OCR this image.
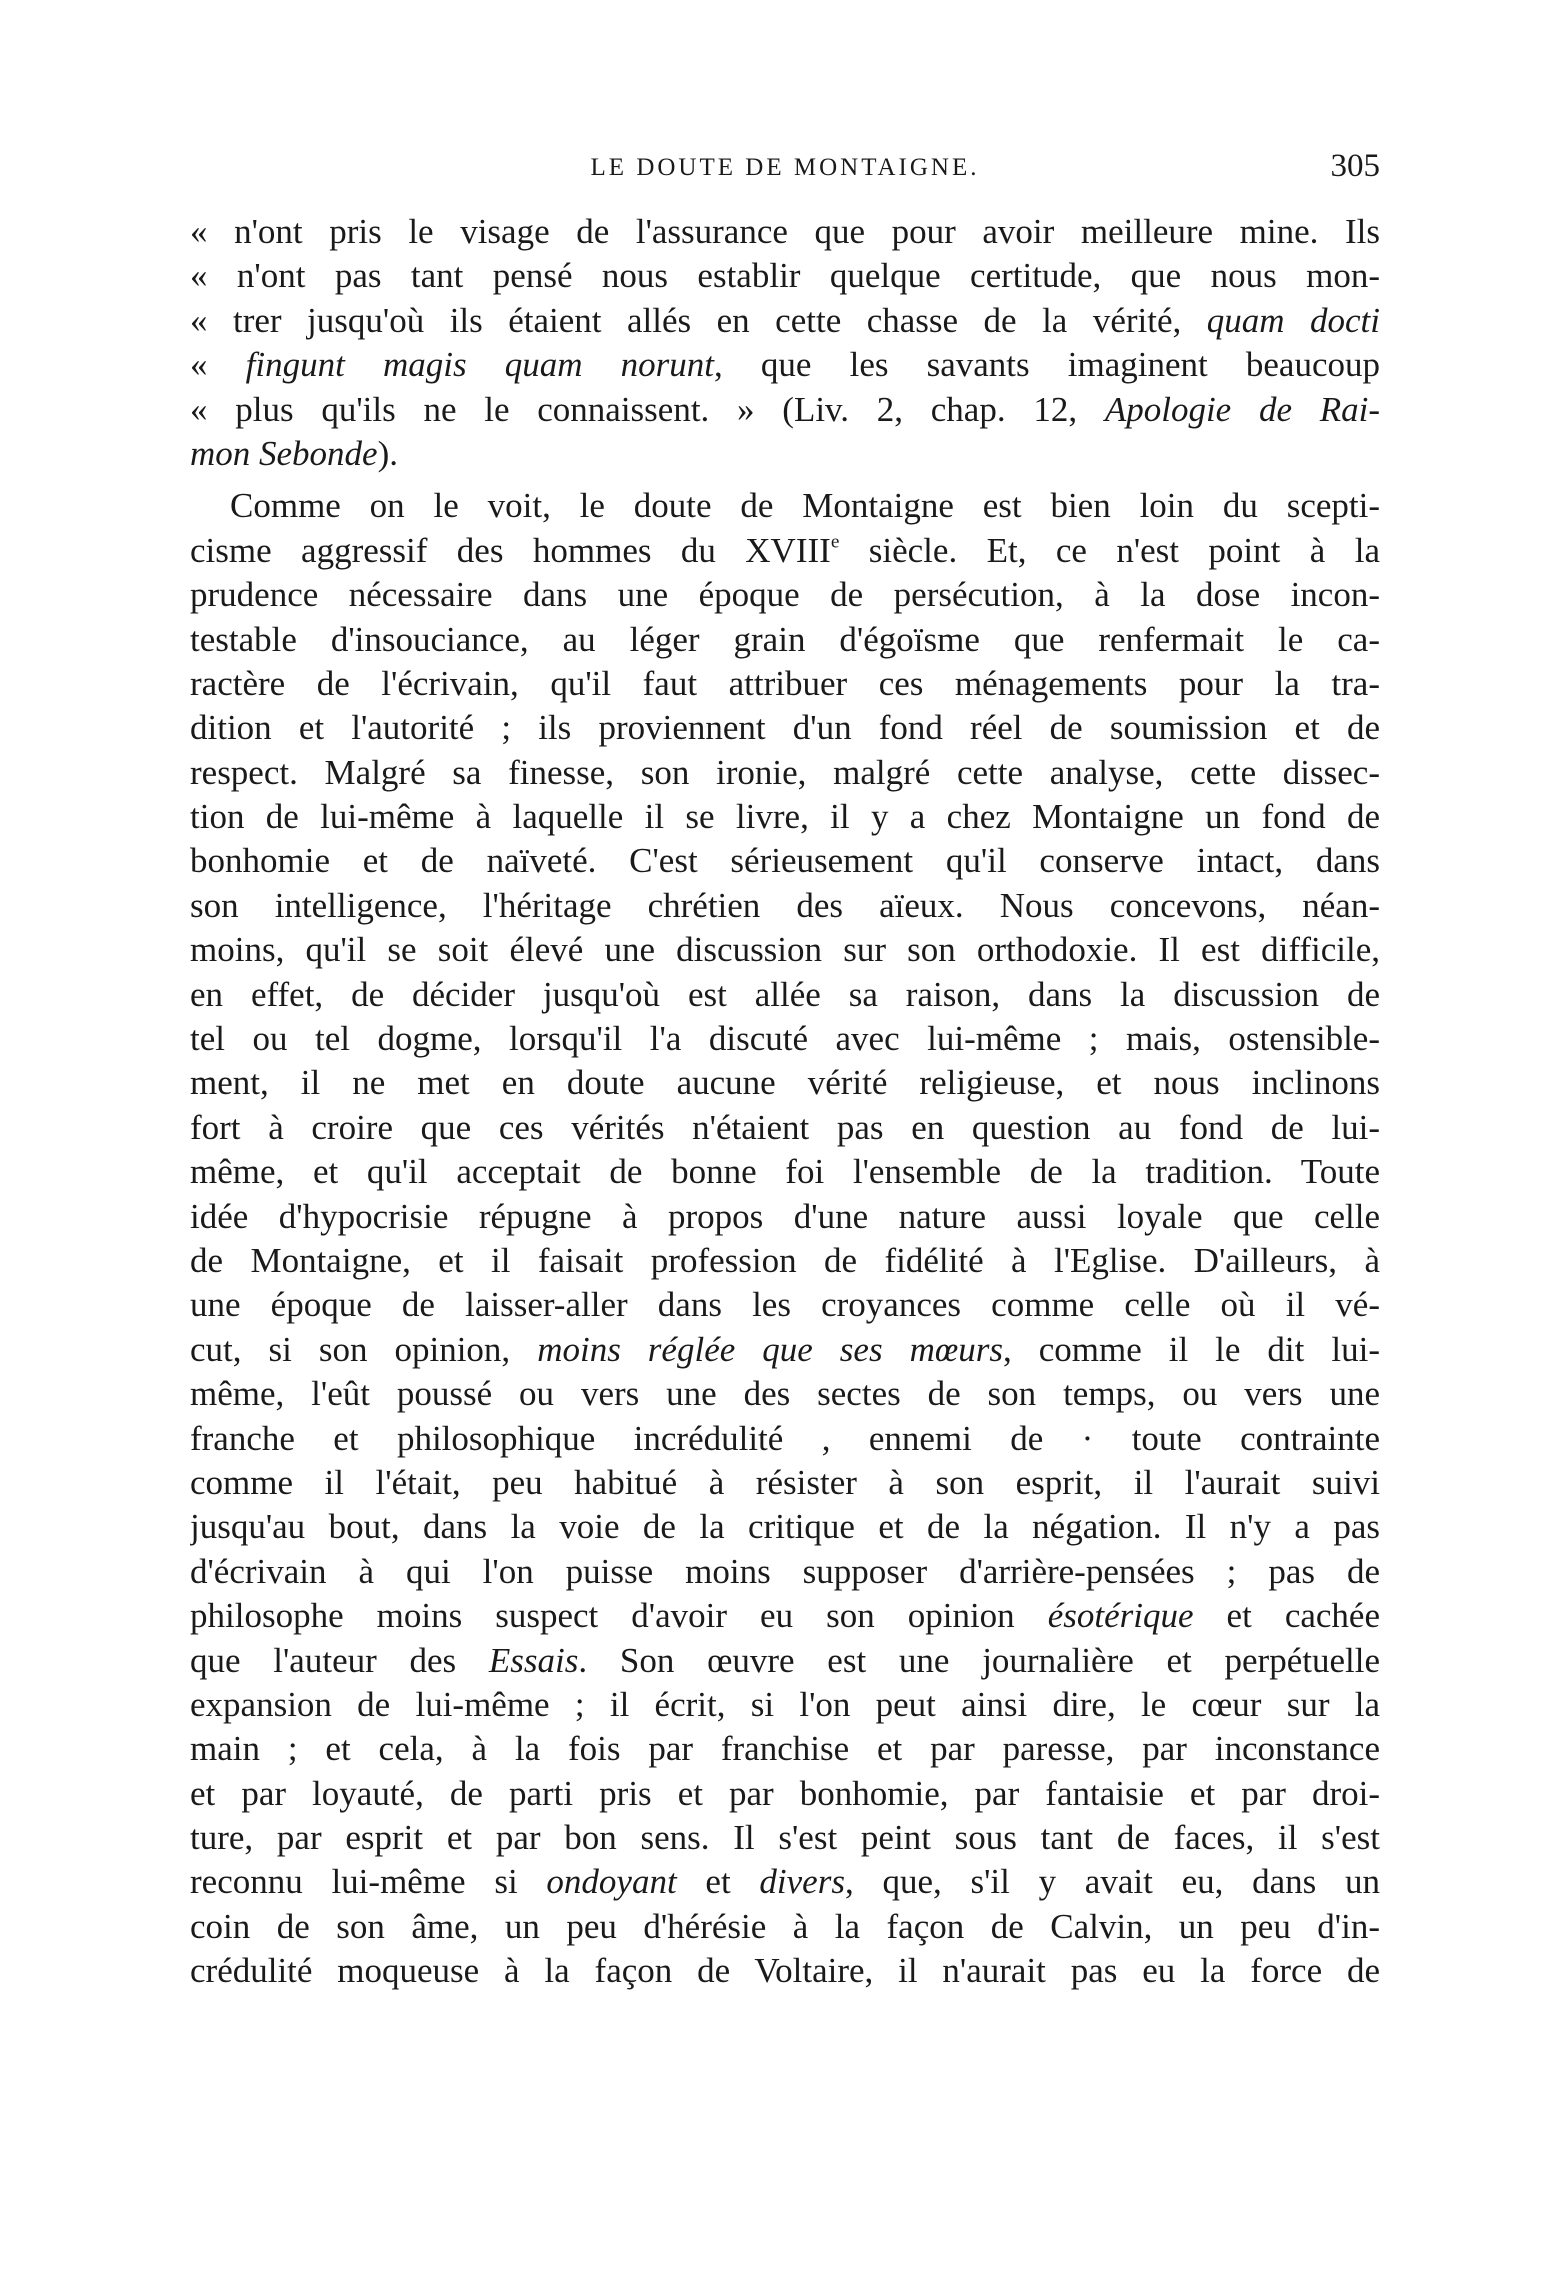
LE DOUTE DE MONTAIGNE.	305
« n'ont pris le visage de l'assurance que pour avoir meilleure mine. Ils
« n'ont pas tant pensé nous establir quelque certitude, que nous mon-
« trer jusqu'où ils étaient allés en cette chasse de la vérité, quam docti
« fingunt magis quam norunt, que les savants imaginent beaucoup
« plus qu'ils ne le connaissent. » (Liv. 2, chap. 12, Apologie de Rai-
mon Sebonde).
Comme on le voit, le doute de Montaigne est bien loin du scepti-
cisme aggressif des hommes du XVIIIe siècle. Et, ce n'est point à la
prudence nécessaire dans une époque de persécution, à la dose incon-
testable d'insouciance, au léger grain d'égoïsme que renfermait le ca-
ractère de l'écrivain, qu'il faut attribuer ces ménagements pour la tra-
dition et l'autorité ; ils proviennent d'un fond réel de soumission et de
respect. Malgré sa finesse, son ironie, malgré cette analyse, cette dissec-
tion de lui-même à laquelle il se livre, il y a chez Montaigne un fond de
bonhomie et de naïveté. C'est sérieusement qu'il conserve intact, dans
son intelligence, l'héritage chrétien des aïeux. Nous concevons, néan-
moins, qu'il se soit élevé une discussion sur son orthodoxie. Il est difficile,
en effet, de décider jusqu'où est allée sa raison, dans la discussion de
tel ou tel dogme, lorsqu'il l'a discuté avec lui-même ; mais, ostensible-
ment, il ne met en doute aucune vérité religieuse, et nous inclinons
fort à croire que ces vérités n'étaient pas en question au fond de lui-
même, et qu'il acceptait de bonne foi l'ensemble de la tradition. Toute
idée d'hypocrisie répugne à propos d'une nature aussi loyale que celle
de Montaigne, et il faisait profession de fidélité à l'Eglise. D'ailleurs, à
une époque de laisser-aller dans les croyances comme celle où il vé-
cut, si son opinion, moins réglée que ses mœurs, comme il le dit lui-
même, l'eût poussé ou vers une des sectes de son temps, ou vers une
franche et philosophique incrédulité , ennemi de · toute contrainte
comme il l'était, peu habitué à résister à son esprit, il l'aurait suivi
jusqu'au bout, dans la voie de la critique et de la négation. Il n'y a pas
d'écrivain à qui l'on puisse moins supposer d'arrière-pensées ; pas de
philosophe moins suspect d'avoir eu son opinion ésotérique et cachée
que l'auteur des Essais. Son œuvre est une journalière et perpétuelle
expansion de lui-même ; il écrit, si l'on peut ainsi dire, le cœur sur la
main ; et cela, à la fois par franchise et par paresse, par inconstance
et par loyauté, de parti pris et par bonhomie, par fantaisie et par droi-
ture, par esprit et par bon sens. Il s'est peint sous tant de faces, il s'est
reconnu lui-même si ondoyant et divers, que, s'il y avait eu, dans un
coin de son âme, un peu d'hérésie à la façon de Calvin, un peu d'in-
crédulité moqueuse à la façon de Voltaire, il n'aurait pas eu la force de
